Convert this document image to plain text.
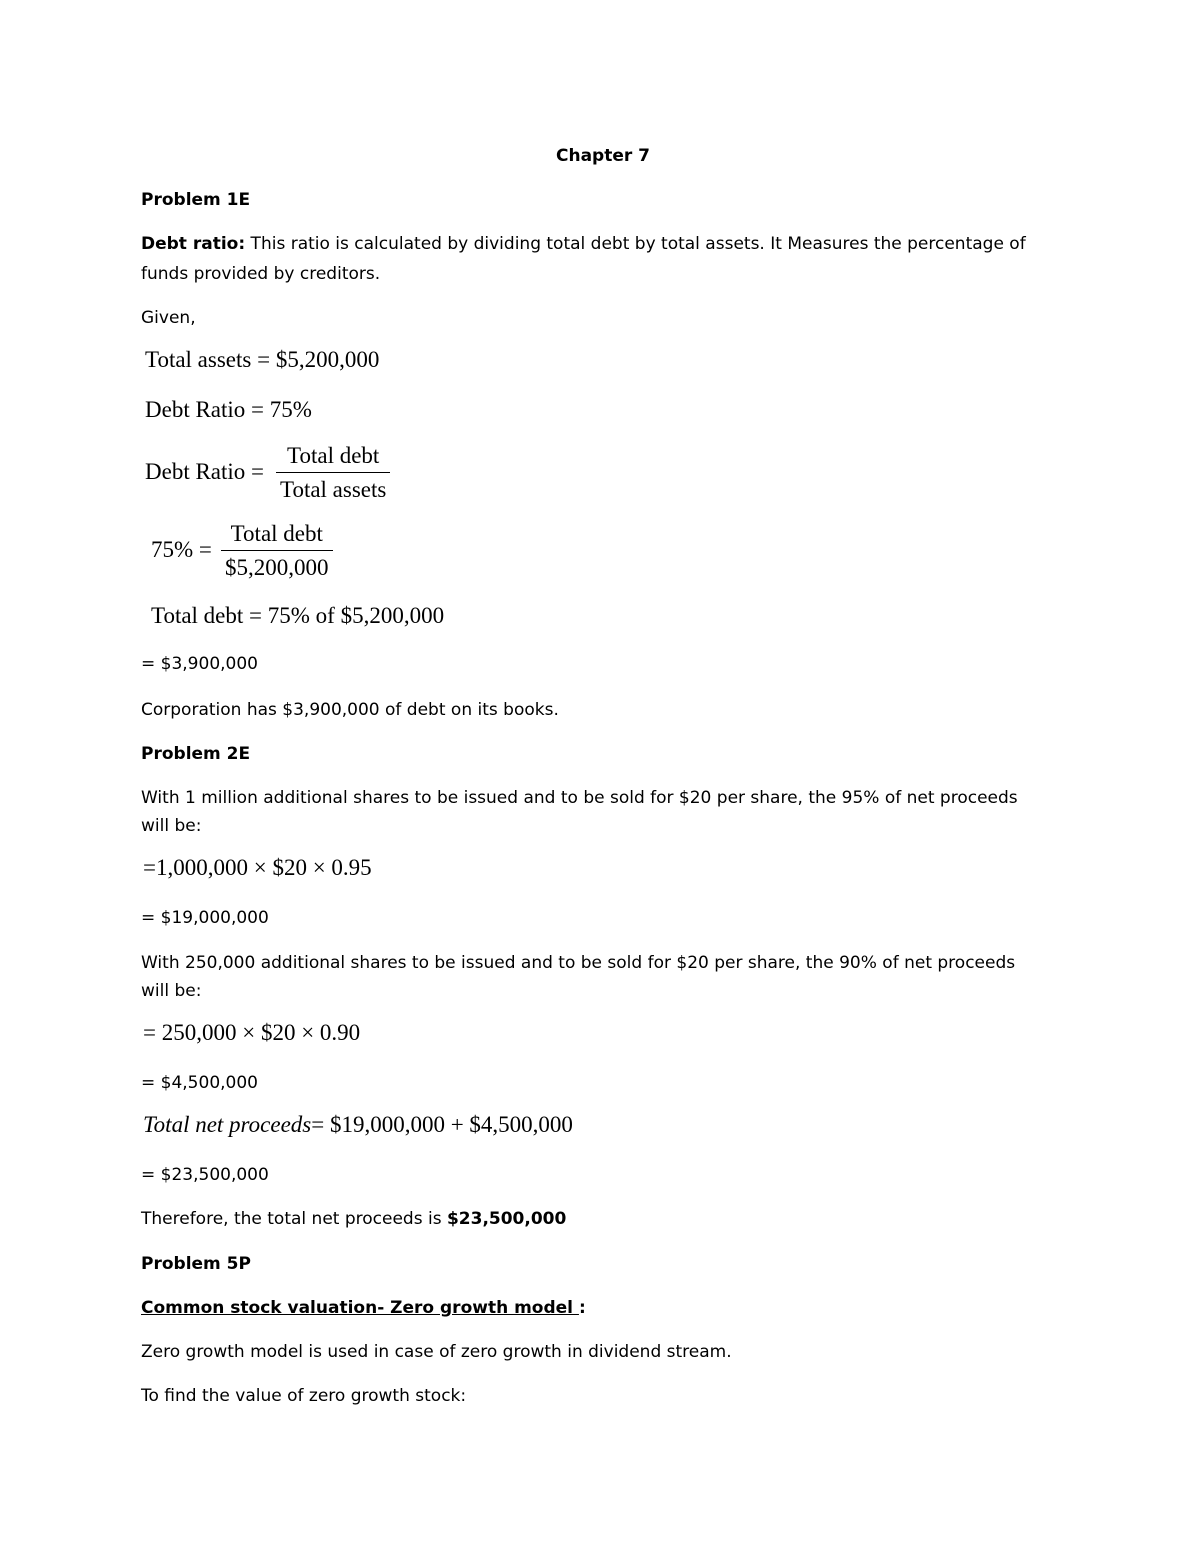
Chapter 7
Problem 1E
Debt ratio: This ratio is calculated by dividing total debt by total assets. It Measures the percentage of
funds provided by creditors.
Given,
Total assets = $5,200,000
Debt Ratio = 75%
Debt Ratio =
Total debt
Total assets
75% =
Total debt
$5,200,000
Total debt = 75% of $5,200,000
= $3,900,000
Corporation has $3,900,000 of debt on its books.
Problem 2E
With 1 million additional shares to be issued and to be sold for $20 per share, the 95% of net proceeds
will be:
=1,000,000 × $20 × 0.95
= $19,000,000
With 250,000 additional shares to be issued and to be sold for $20 per share, the 90% of net proceeds
will be:
= 250,000 × $20 × 0.90
= $4,500,000
Total net proceeds= $19,000,000 + $4,500,000
= $23,500,000
Therefore, the total net proceeds is $23,500,000
Problem 5P
Common stock valuation- Zero growth model :
Zero growth model is used in case of zero growth in dividend stream.
To find the value of zero growth stock:
